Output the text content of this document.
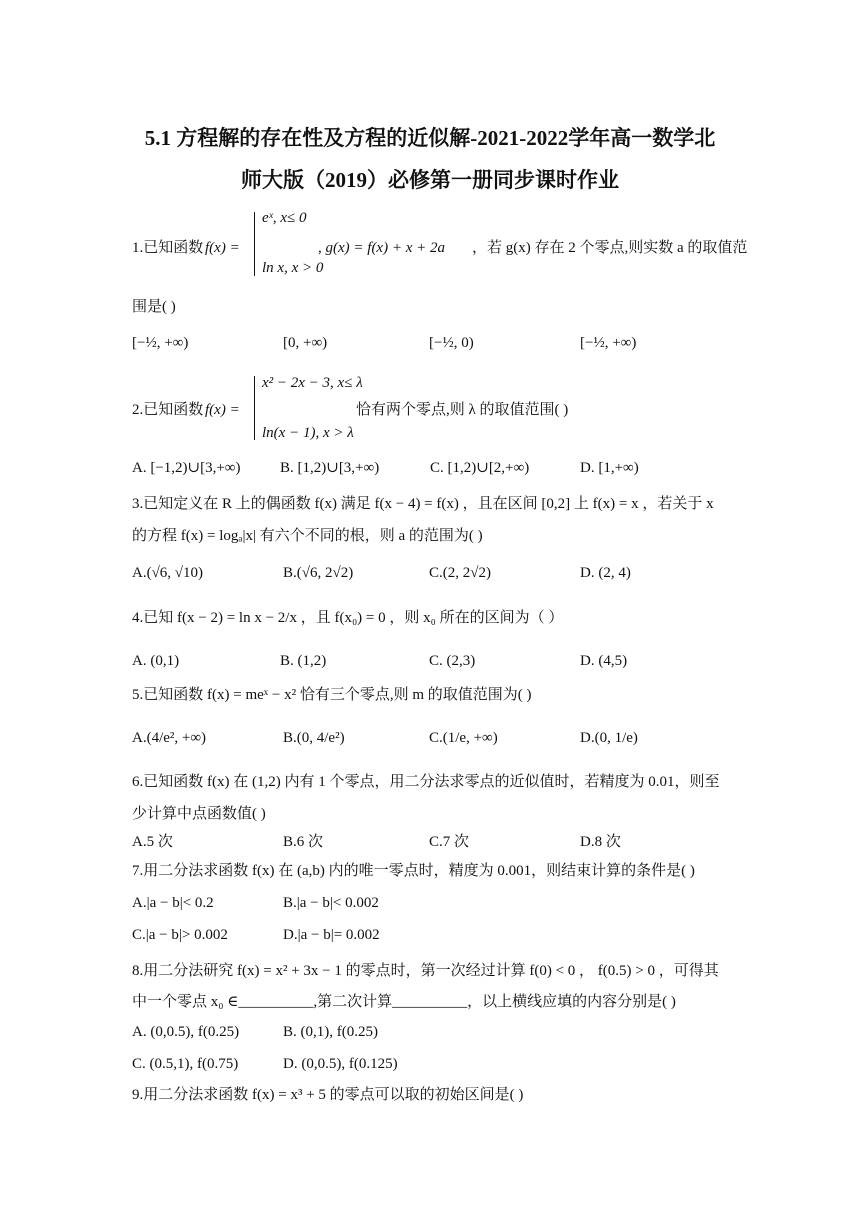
5.1 方程解的存在性及方程的近似解-2021-2022学年高一数学北
师大版（2019）必修第一册同步课时作业
1.已知函数 f(x) =
eˣ, x≤ 0
ln x, x > 0
, g(x) = f(x) + x + 2a ，若 g(x) 存在 2 个零点,则实数 a 的取值范
围是( )
[−½, +∞)	[0, +∞)	[−½, 0)	[−½, +∞)
2.已知函数 f(x) =
x² − 2x − 3, x≤ λ
ln(x − 1), x > λ
恰有两个零点,则 λ 的取值范围( )
A. [−1,2)∪[3,+∞)	B. [1,2)∪[3,+∞)	C. [1,2)∪[2,+∞)	D. [1,+∞)
3.已知定义在 R 上的偶函数 f(x) 满足 f(x − 4) = f(x) ，且在区间 [0,2] 上 f(x) = x ，若关于 x
的方程 f(x) = logₐ|x| 有六个不同的根，则 a 的范围为( )
A.(√6, √10)	B.(√6, 2√2)	C.(2, 2√2)	D. (2, 4)
4.已知 f(x − 2) = ln x − 2/x ，且 f(x₀) = 0 ，则 x₀ 所在的区间为（ ）
A. (0,1)	B. (1,2)	C. (2,3)	D. (4,5)
5.已知函数 f(x) = meˣ − x² 恰有三个零点,则 m 的取值范围为( )
A.(4/e², +∞)	B.(0, 4/e²)	C.(1/e, +∞)	D.(0, 1/e)
6.已知函数 f(x) 在 (1,2) 内有 1 个零点，用二分法求零点的近似值时，若精度为 0.01，则至
少计算中点函数值( )
A.5 次	B.6 次	C.7 次	D.8 次
7.用二分法求函数 f(x) 在 (a,b) 内的唯一零点时，精度为 0.001，则结束计算的条件是( )
A.|a − b|< 0.2	B.|a − b|< 0.002
C.|a − b|> 0.002	D.|a − b|= 0.002
8.用二分法研究 f(x) = x² + 3x − 1 的零点时，第一次经过计算 f(0) < 0 ， f(0.5) > 0 ，可得其
中一个零点 x₀ ∈__________,第二次计算__________，以上横线应填的内容分别是( )
A. (0,0.5), f(0.25)	B. (0,1), f(0.25)
C. (0.5,1), f(0.75)	D. (0,0.5), f(0.125)
9.用二分法求函数 f(x) = x³ + 5 的零点可以取的初始区间是( )
